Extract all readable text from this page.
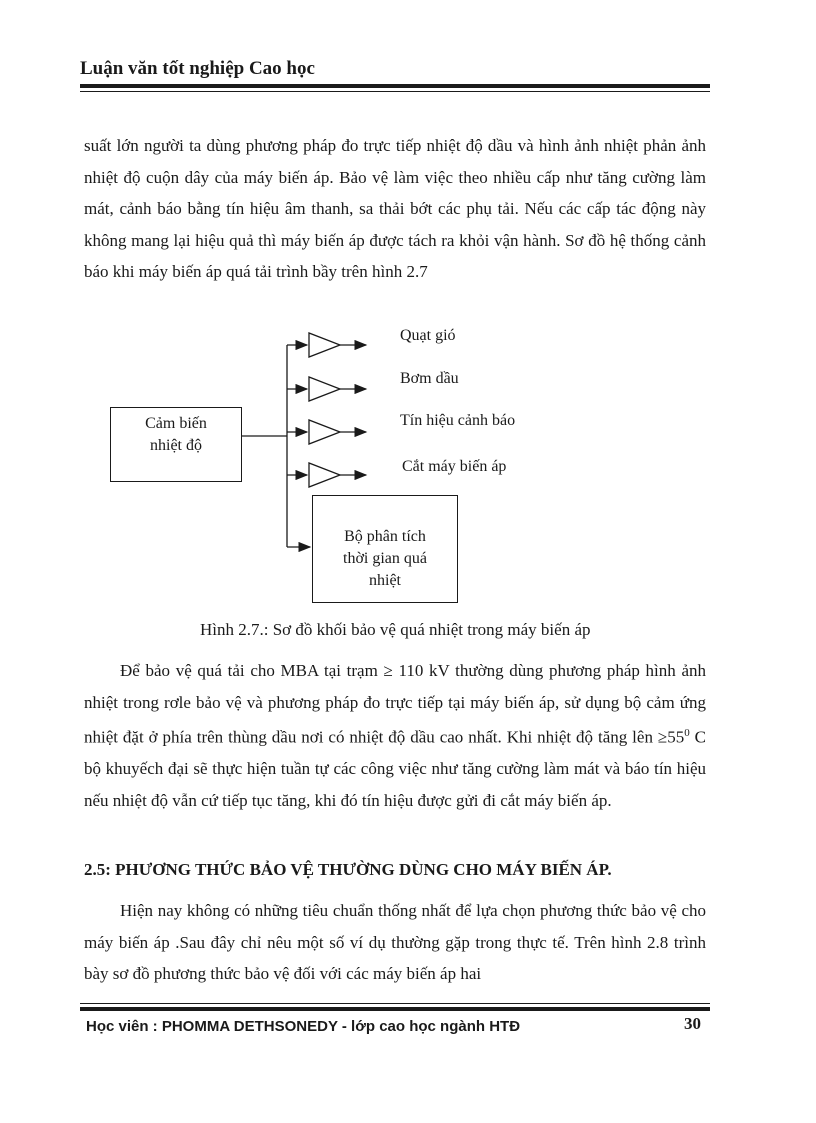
Luận văn tốt nghiệp Cao học

suất lớn người ta dùng phương pháp đo trực tiếp nhiệt độ dầu và hình ảnh nhiệt phản ảnh nhiệt độ cuộn dây của máy biến áp. Bảo vệ làm việc theo nhiều cấp như tăng cường làm mát, cảnh báo bằng tín hiệu âm thanh, sa thải bớt các phụ tải. Nếu các cấp tác động này không mang lại hiệu quả thì máy biến áp được tách ra khỏi vận hành. Sơ đồ hệ thống cảnh báo khi máy biến áp quá tải trình bầy trên hình 2.7

Cảm biến
nhiệt độ
Quạt gió
Bơm dầu
Tín hiệu cảnh báo
Cắt máy biến áp
Bộ phân tích
thời gian quá
nhiệt
Hình 2.7.: Sơ đồ khối bảo vệ quá nhiệt trong máy biến áp

Để bảo vệ quá tải cho MBA tại trạm ≥ 110 kV thường dùng phương pháp hình ảnh nhiệt trong rơle bảo vệ và phương pháp đo trực tiếp tại máy biến áp, sử dụng bộ cảm ứng nhiệt đặt ở phía trên thùng dầu nơi có nhiệt độ dầu cao nhất. Khi nhiệt độ tăng lên $\ge 55^0$ C bộ khuyếch đại sẽ thực hiện tuần tự các công việc như tăng cường làm mát và báo tín hiệu nếu nhiệt độ vẫn cứ tiếp tục tăng, khi đó tín hiệu được gửi đi cắt máy biến áp.

2.5: PHƯƠNG THỨC BẢO VỆ THƯỜNG DÙNG CHO MÁY BIẾN ÁP.

Hiện nay không có những tiêu chuẩn thống nhất để lựa chọn phương thức bảo vệ cho máy biến áp .Sau đây chỉ nêu một số ví dụ thường gặp trong thực tế. Trên hình 2.8 trình bày sơ đồ phương thức bảo vệ đối với các máy biến áp hai

Học viên : PHOMMA DETHSONEDY - lớp cao học ngành HTĐ	30
